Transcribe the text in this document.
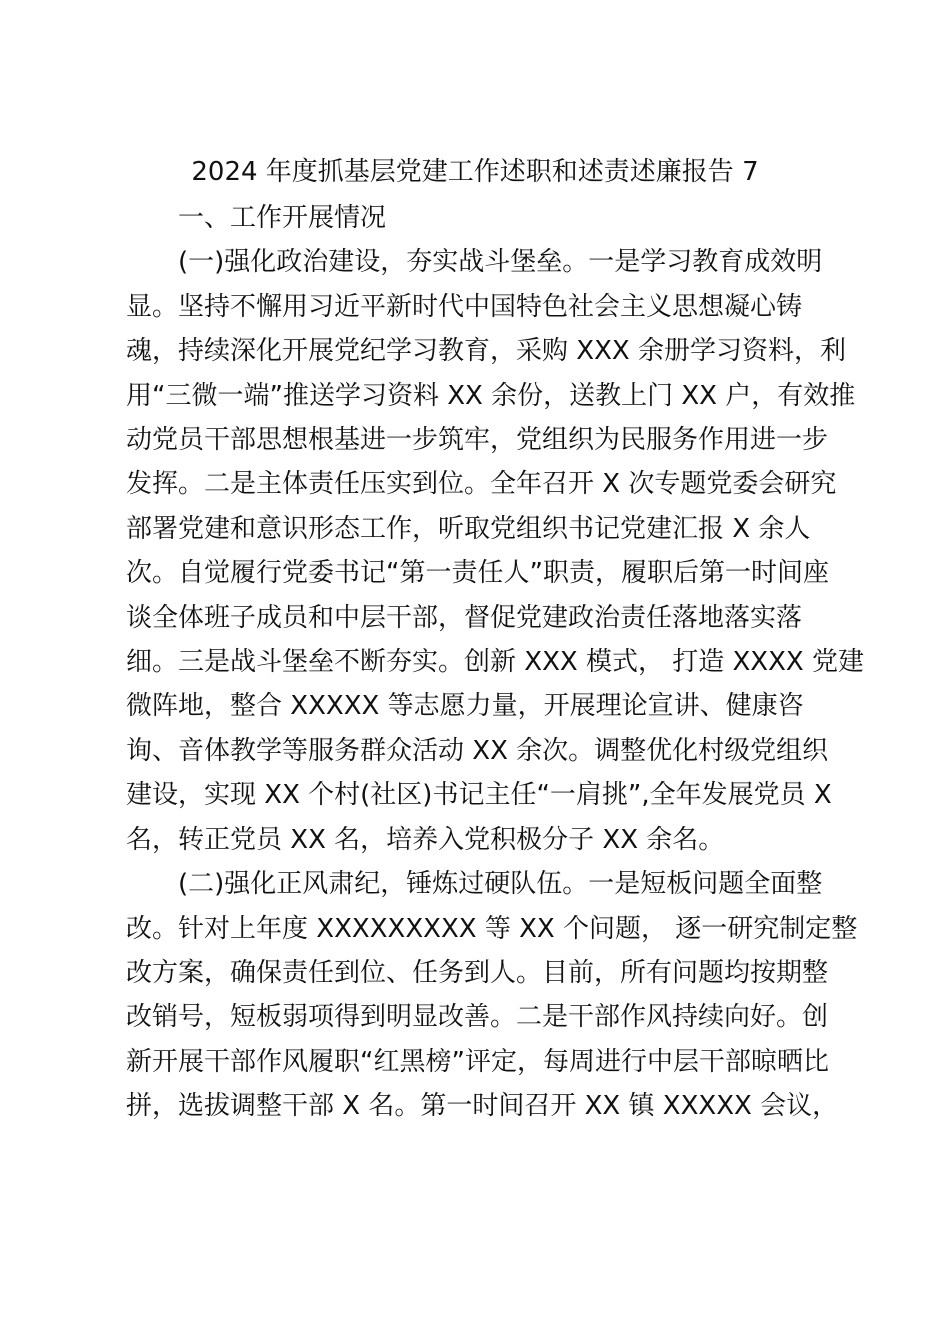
2024 年度抓基层党建工作述职和述责述廉报告 7
一、工作开展情况
(一)强化政治建设，夯实战斗堡垒。一是学习教育成效明
显。坚持不懈用习近平新时代中国特色社会主义思想凝心铸
魂，持续深化开展党纪学习教育，采购 XXX 余册学习资料，利
用“三微一端”推送学习资料 XX 余份，送教上门 XX 户，有效推
动党员干部思想根基进一步筑牢，党组织为民服务作用进一步
发挥。二是主体责任压实到位。全年召开 X 次专题党委会研究
部署党建和意识形态工作，听取党组织书记党建汇报 X 余人
次。自觉履行党委书记“第一责任人”职责，履职后第一时间座
谈全体班子成员和中层干部，督促党建政治责任落地落实落
细。三是战斗堡垒不断夯实。创新 XXX 模式， 打造 XXXX 党建
微阵地，整合 XXXXX 等志愿力量，开展理论宣讲、健康咨
询、音体教学等服务群众活动 XX 余次。调整优化村级党组织
建设，实现 XX 个村(社区)书记主任“一肩挑”,全年发展党员 X
名，转正党员 XX 名，培养入党积极分子 XX 余名。
(二)强化正风肃纪，锤炼过硬队伍。一是短板问题全面整
改。针对上年度 XXXXXXXXX 等 XX 个问题， 逐一研究制定整
改方案，确保责任到位、任务到人。目前，所有问题均按期整
改销号，短板弱项得到明显改善。二是干部作风持续向好。创
新开展干部作风履职“红黑榜”评定，每周进行中层干部晾晒比
拼，选拔调整干部 X 名。第一时间召开 XX 镇 XXXXX 会议，
